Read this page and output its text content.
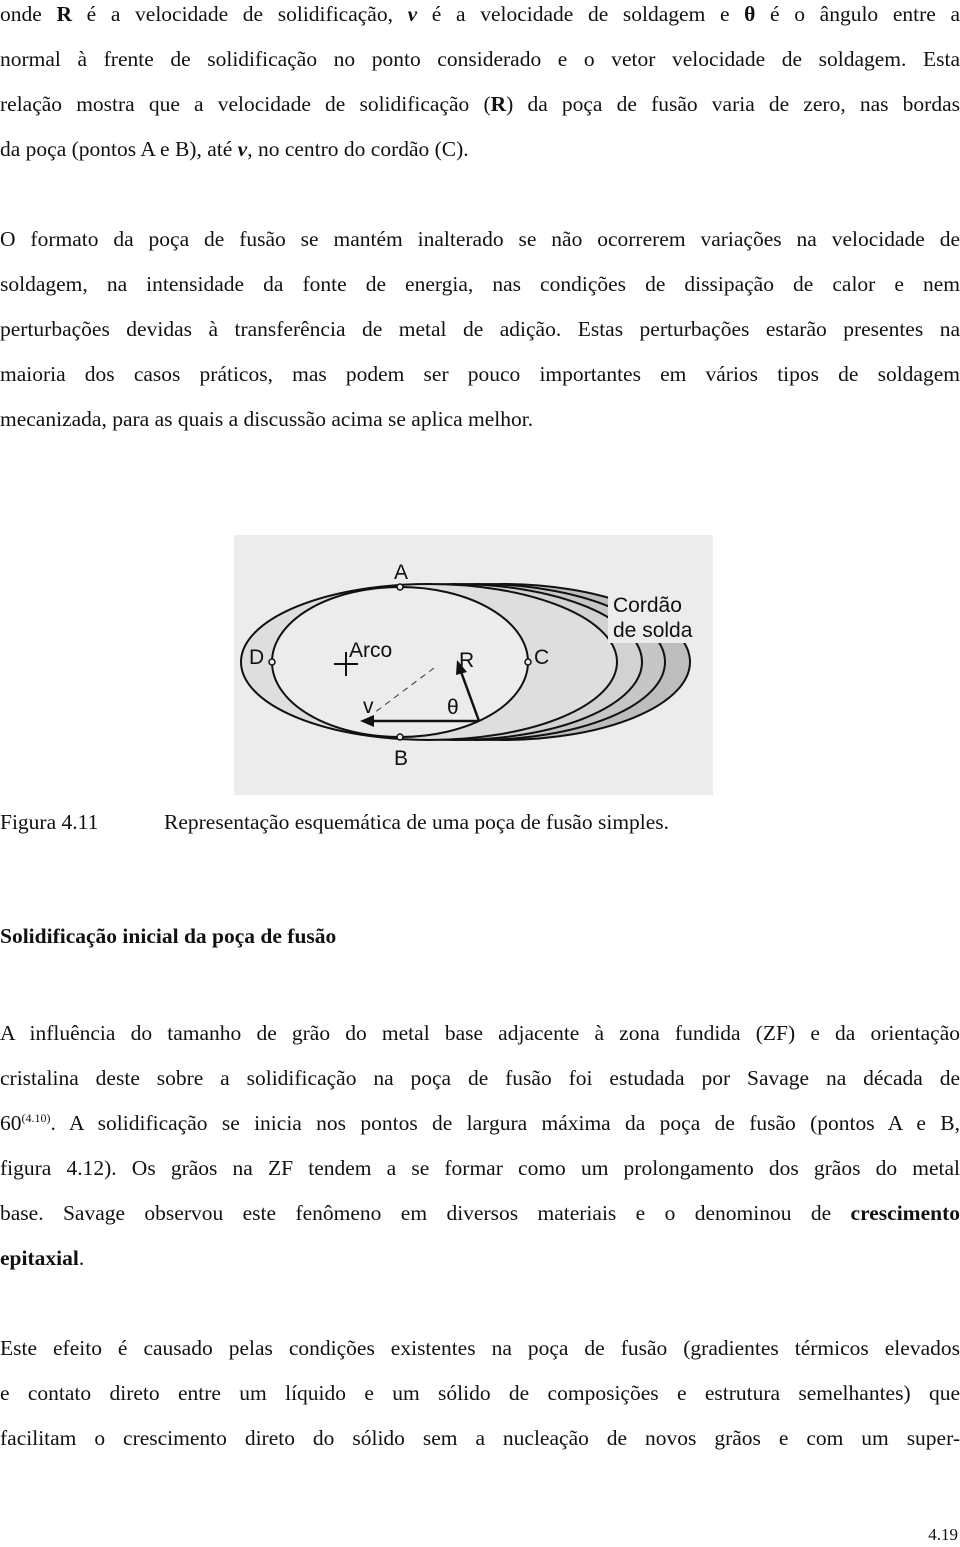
onde R é a velocidade de solidificação, v é a velocidade de soldagem e θ é o ângulo entre a
normal à frente de solidificação no ponto considerado e o vetor velocidade de soldagem. Esta
relação mostra que a velocidade de solidificação (R) da poça de fusão varia de zero, nas bordas
da poça (pontos A e B), até v, no centro do cordão (C).
O formato da poça de fusão se mantém inalterado se não ocorrerem variações na velocidade de
soldagem, na intensidade da fonte de energia, nas condições de dissipação de calor e nem
perturbações devidas à transferência de metal de adição. Estas perturbações estarão presentes na
maioria dos casos práticos, mas podem ser pouco importantes em vários tipos de soldagem
mecanizada, para as quais a discussão acima se aplica melhor.
A
B
C
D	R
v	θ
Arco
Cordão
de solda
Figura 4.11	Representação esquemática de uma poça de fusão simples.
Solidificação inicial da poça de fusão
A influência do tamanho de grão do metal base adjacente à zona fundida (ZF) e da orientação
cristalina deste sobre a solidificação na poça de fusão foi estudada por Savage na década de
$60^{(4.10)}$. A solidificação se inicia nos pontos de largura máxima da poça de fusão (pontos A e B,
figura 4.12). Os grãos na ZF tendem a se formar como um prolongamento dos grãos do metal
base. Savage observou este fenômeno em diversos materiais e o denominou de crescimento
epitaxial.
Este efeito é causado pelas condições existentes na poça de fusão (gradientes térmicos elevados
e contato direto entre um líquido e um sólido de composições e estrutura semelhantes) que
facilitam o crescimento direto do sólido sem a nucleação de novos grãos e com um super-
4.19
